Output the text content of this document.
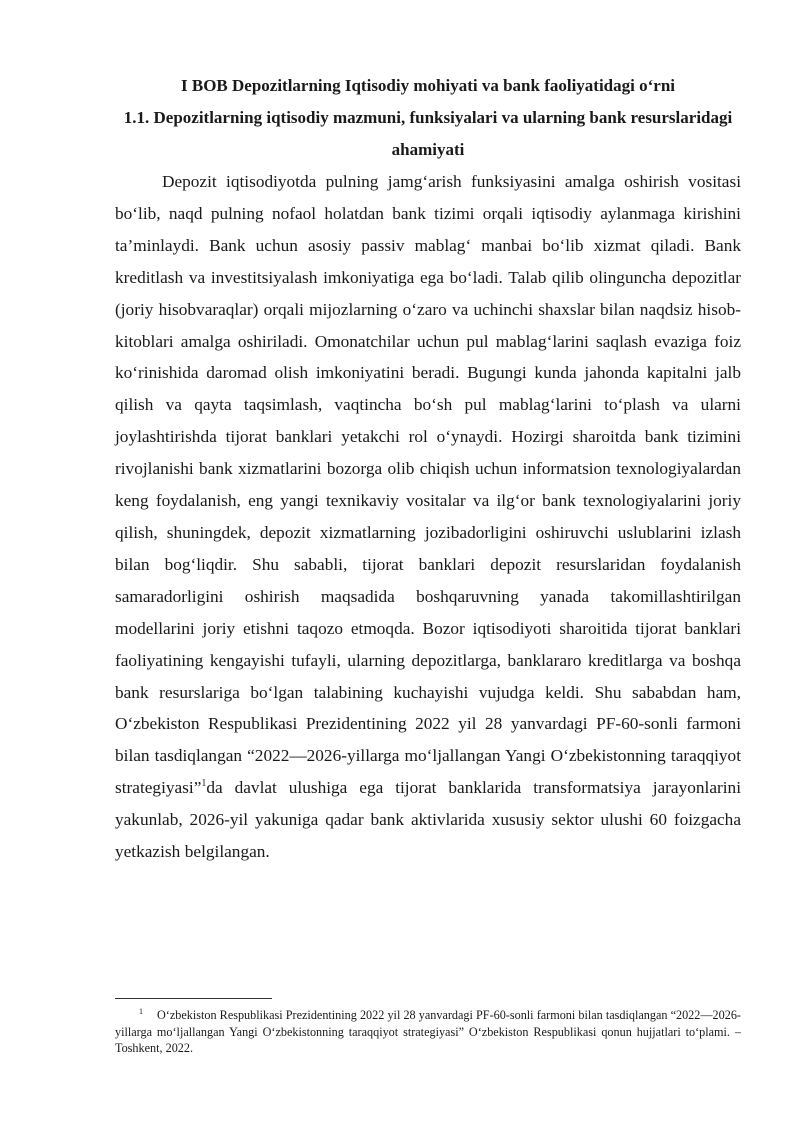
I BOB Depozitlarning Iqtisodiy mohiyati va bank faoliyatidagi o‘rni
1.1. Depozitlarning iqtisodiy mazmuni, funksiyalari va ularning bank resurslaridagi ahamiyati

Depozit iqtisodiyotda pulning jamg‘arish funksiyasini amalga oshirish vositasi bo‘lib, naqd pulning nofaol holatdan bank tizimi orqali iqtisodiy aylanmaga kirishini ta’minlaydi. Bank uchun asosiy passiv mablag‘ manbai bo‘lib xizmat qiladi. Bank kreditlash va investitsiyalash imkoniyatiga ega bo‘ladi. Talab qilib olinguncha depozitlar (joriy hisobvaraqlar) orqali mijozlarning o‘zaro va uchinchi shaxslar bilan naqdsiz hisob-kitoblari amalga oshiriladi. Omonatchilar uchun pul mablag‘larini saqlash evaziga foiz ko‘rinishida daromad olish imkoniyatini beradi. Bugungi kunda jahonda kapitalni jalb qilish va qayta taqsimlash, vaqtincha bo‘sh pul mablag‘larini to‘plash va ularni joylashtirishda tijorat banklari yetakchi rol o‘ynaydi. Hozirgi sharoitda bank tizimini rivojlanishi bank xizmatlarini bozorga olib chiqish uchun informatsion texnologiyalardan keng foydalanish, eng yangi texnikaviy vositalar va ilg‘or bank texnologiyalarini joriy qilish, shuningdek, depozit xizmatlarning jozibadorligini oshiruvchi uslublarini izlash bilan bog‘liqdir. Shu sababli, tijorat banklari depozit resurslaridan foydalanish samaradorligini oshirish maqsadida boshqaruvning yanada takomillashtirilgan modellarini joriy etishni taqozo etmoqda. Bozor iqtisodiyoti sharoitida tijorat banklari faoliyatining kengayishi tufayli, ularning depozitlarga, banklararo kreditlarga va boshqa bank resurslariga bo‘lgan talabining kuchayishi vujudga keldi. Shu sababdan ham, O‘zbekiston Respublikasi Prezidentining 2022 yil 28 yanvardagi PF-60-sonli farmoni bilan tasdiqlangan “2022—2026-yillarga mo‘ljallangan Yangi O‘zbekistonning taraqqiyot strategiyasi”$^1$da davlat ulushiga ega tijorat banklarida transformatsiya jarayonlarini yakunlab, 2026-yil yakuniga qadar bank aktivlarida xususiy sektor ulushi 60 foizgacha yetkazish belgilangan.

$^1$ O‘zbekiston Respublikasi Prezidentining 2022 yil 28 yanvardagi PF-60-sonli farmoni bilan tasdiqlangan “2022—2026-yillarga mo‘ljallangan Yangi O‘zbekistonning taraqqiyot strategiyasi” O‘zbekiston Respublikasi qonun hujjatlari to‘plami. – Toshkent, 2022.
